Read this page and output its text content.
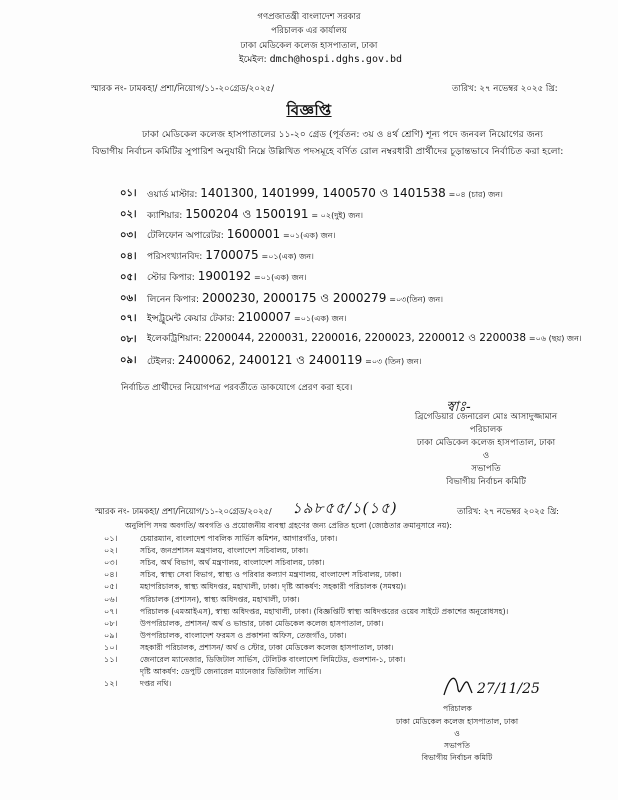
গণপ্রজাতন্ত্রী বাংলাদেশ সরকার
পরিচালক এর কার্যালয়
ঢাকা মেডিকেল কলেজ হাসপাতাল, ঢাকা
ইমেইল: dmch@hospi.dghs.gov.bd
স্মারক নং- ঢামকহা/ প্রশা/নিয়োগ/১১-২০গ্রেড/২০২৫/	তারিখ: ২৭ নভেম্বর ২০২৫ খ্রি:
বিজ্ঞপ্তি
ঢাকা মেডিকেল কলেজ হাসপাতালের ১১-২০ গ্রেড (পূর্বতন: ৩য় ও ৪র্থ শ্রেণি) শূন্য পদে জনবল নিয়োগের জন্য বিভাগীয় নির্বাচন কমিটির সুপারিশ অনুযায়ী নিম্নে উল্লিখিত পদসমূহে বর্ণিত রোল নম্বরধারী প্রার্থীদের চূড়ান্তভাবে নির্বাচিত করা হলো:
০১। ওয়ার্ড মাস্টার: 1401300, 1401999, 1400570 ও 1401538 =০৪ (চার) জন।
০২। ক্যাশিয়ার: 1500204 ও 1500191 = ০২(দুই) জন।
০৩। টেলিফোন অপারেটর: 1600001 =০১(এক) জন।
০৪। পরিসংখ্যানবিদ: 1700075 =০১(এক) জন।
০৫। স্টোর কিপার: 1900192 =০১(এক) জন।
০৬। লিনেন কিপার: 2000230, 2000175 ও 2000279 =০৩(তিন) জন।
০৭। ইন্সট্রুমেন্ট কেয়ার টেকার: 2100007 =০১(এক) জন।
০৮। ইলেকট্রিশিয়ান: 2200044, 2200031, 2200016, 2200023, 2200012 ও 2200038 =০৬ (ছয়) জন।
০৯। টেইলর: 2400062, 2400121 ও 2400119 =০৩ (তিন) জন।
নির্বাচিত প্রার্থীদের নিয়োগপত্র পরবর্তীতে ডাকযোগে প্রেরণ করা হবে।
স্বাঃ-
ব্রিগেডিয়ার জেনারেল মোঃ আসাদুজ্জামান
পরিচালক
ঢাকা মেডিকেল কলেজ হাসপাতাল, ঢাকা
ও
সভাপতি
বিভাগীয় নির্বাচন কমিটি
স্মারক নং- ঢামকহা/ প্রশা/নিয়োগ/১১-২০গ্রেড/২০২৫/ ১৯৮৫৫/১(১৫)	তারিখ: ২৭ নভেম্বর ২০২৫ খ্রি:
অনুলিপি সদয় অবগতি/ অবগতি ও প্রয়োজনীয় ব্যবস্থা গ্রহণের জন্য প্রেরিত হলো (জ্যেষ্ঠতার ক্রমানুসারে নয়):
০১।	চেয়ারম্যান, বাংলাদেশ পাবলিক সার্ভিস কমিশন, আগারগাঁও, ঢাকা।
০২।	সচিব, জনপ্রশাসন মন্ত্রণালয়, বাংলাদেশ সচিবালয়, ঢাকা।
০৩।	সচিব, অর্থ বিভাগ, অর্থ মন্ত্রণালয়, বাংলাদেশ সচিবালয়, ঢাকা।
০৪।	সচিব, স্বাস্থ্য সেবা বিভাগ, স্বাস্থ্য ও পরিবার কল্যাণ মন্ত্রণালয়, বাংলাদেশ সচিবালয়, ঢাকা।
০৫।	মহাপরিচালক, স্বাস্থ্য অধিদপ্তর, মহাখালী, ঢাকা। দৃষ্টি আকর্ষণ: সহকারী পরিচালক (সমন্বয়)।
০৬।	পরিচালক (প্রশাসন), স্বাস্থ্য অধিদপ্তর, মহাখালী, ঢাকা।
০৭।	পরিচালক (এমআইএস), স্বাস্থ্য অধিদপ্তর, মহাখালী, ঢাকা। (বিজ্ঞপ্তিটি স্বাস্থ্য অধিদপ্তরের ওয়েব সাইটে প্রকাশের অনুরোধসহ)।
০৮।	উপপরিচালক, প্রশাসন/ অর্থ ও ভান্ডার, ঢাকা মেডিকেল কলেজ হাসপাতাল, ঢাকা।
০৯।	উপপরিচালক, বাংলাদেশ ফরমস ও প্রকাশনা অফিস, তেজগাঁও, ঢাকা।
১০।	সহকারী পরিচালক, প্রশাসন/ অর্থ ও স্টোর, ঢাকা মেডিকেল কলেজ হাসপাতাল, ঢাকা।
১১।	জেনারেল ম্যানেজার, ডিজিটাল সার্ভিস, টেলিটক বাংলাদেশ লিমিটেড, গুলশান-১, ঢাকা।
দৃষ্টি আকর্ষণ: ডেপুটি জেনারেল ম্যানেজার ডিজিটাল সার্ভিস।
১২।	দপ্তর নথি।	27/11/25
পরিচালক
ঢাকা মেডিকেল কলেজ হাসপাতাল, ঢাকা
ও
সভাপতি
বিভাগীয় নির্বাচন কমিটি
